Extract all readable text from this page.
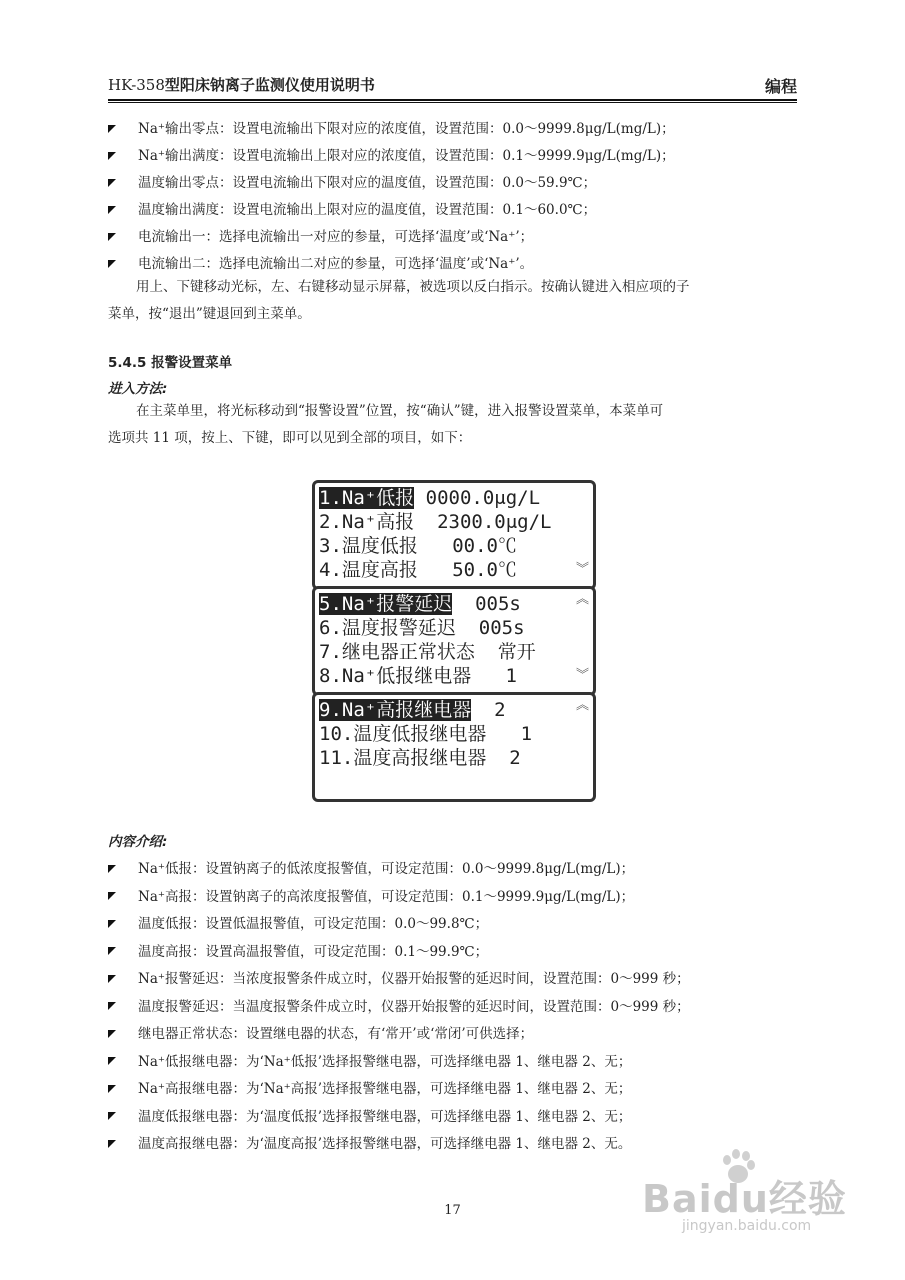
HK-358型阳床钠离子监测仪使用说明书	编程
Na⁺输出零点：设置电流输出下限对应的浓度值，设置范围：0.0～9999.8μg/L(mg/L)；
Na⁺输出满度：设置电流输出上限对应的浓度值，设置范围：0.1～9999.9μg/L(mg/L)；
温度输出零点：设置电流输出下限对应的温度值，设置范围：0.0～59.9℃；
温度输出满度：设置电流输出上限对应的温度值，设置范围：0.1～60.0℃；
电流输出一：选择电流输出一对应的参量，可选择‘温度’或‘Na⁺’；
电流输出二：选择电流输出二对应的参量，可选择‘温度’或‘Na⁺’。
用上、下键移动光标，左、右键移动显示屏幕，被选项以反白指示。按确认键进入相应项的子
菜单，按“退出”键退回到主菜单。
5.4.5 报警设置菜单
进入方法:
在主菜单里，将光标移动到“报警设置”位置，按“确认”键，进入报警设置菜单，本菜单可
选项共 11 项，按上、下键，即可以见到全部的项目，如下：
1.Na⁺低报 0000.0μg/L
2.Na⁺高报  2300.0μg/L
3.温度低报   00.0℃
4.温度高报   50.0℃	︾
5.Na⁺报警延迟  005s
6.温度报警延迟  005s
7.继电器正常状态  常开
8.Na⁺低报继电器   1
︽
︾
9.Na⁺高报继电器  2
10.温度低报继电器   1
11.温度高报继电器  2
︽
内容介绍:
Na⁺低报：设置钠离子的低浓度报警值，可设定范围：0.0～9999.8μg/L(mg/L)；
Na⁺高报：设置钠离子的高浓度报警值，可设定范围：0.1～9999.9μg/L(mg/L)；
温度低报：设置低温报警值，可设定范围：0.0～99.8℃；
温度高报：设置高温报警值，可设定范围：0.1～99.9℃；
Na⁺报警延迟：当浓度报警条件成立时，仪器开始报警的延迟时间，设置范围：0～999 秒；
温度报警延迟：当温度报警条件成立时，仪器开始报警的延迟时间，设置范围：0～999 秒；
继电器正常状态：设置继电器的状态，有‘常开’或‘常闭’可供选择；
Na⁺低报继电器：为‘Na⁺低报’选择报警继电器，可选择继电器 1、继电器 2、无；
Na⁺高报继电器：为‘Na⁺高报’选择报警继电器，可选择继电器 1、继电器 2、无；
温度低报继电器：为‘温度低报’选择报警继电器，可选择继电器 1、继电器 2、无；
温度高报继电器：为‘温度高报’选择报警继电器，可选择继电器 1、继电器 2、无。
17	Baidu经验
jingyan.baidu.com
